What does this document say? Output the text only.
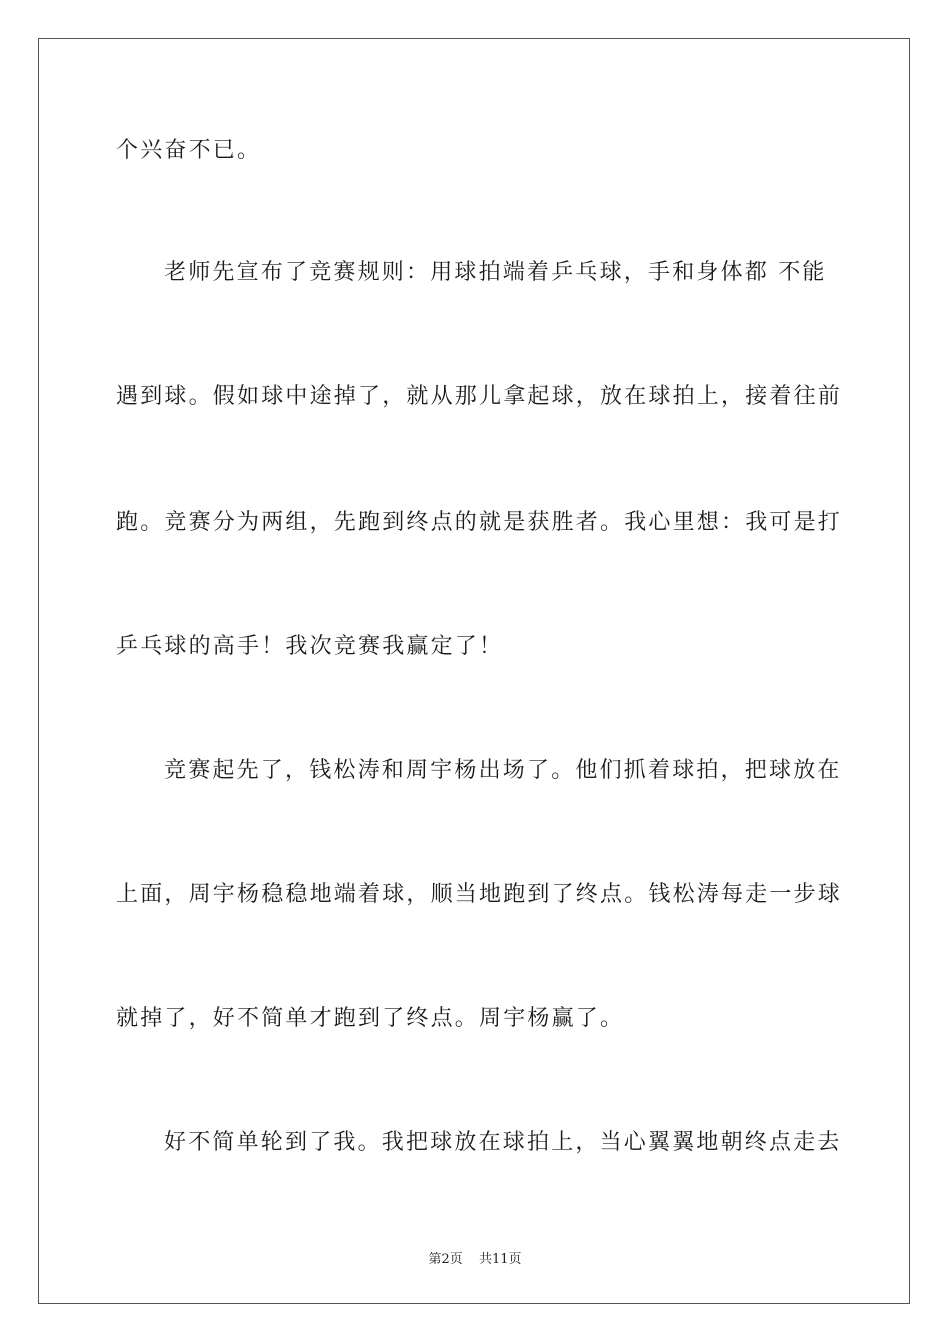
个兴奋不已。
老师先宣布了竞赛规则：用球拍端着乒乓球，手和身体都 不能
遇到球。假如球中途掉了，就从那儿拿起球，放在球拍上，接着往前
跑。竞赛分为两组，先跑到终点的就是获胜者。我心里想：我可是打
乒乓球的高手！我次竞赛我赢定了！
竞赛起先了，钱松涛和周宇杨出场了。他们抓着球拍，把球放在
上面，周宇杨稳稳地端着球，顺当地跑到了终点。钱松涛每走一步球
就掉了，好不简单才跑到了终点。周宇杨赢了。
好不简单轮到了我。我把球放在球拍上，当心翼翼地朝终点走去
第2页 共11页
